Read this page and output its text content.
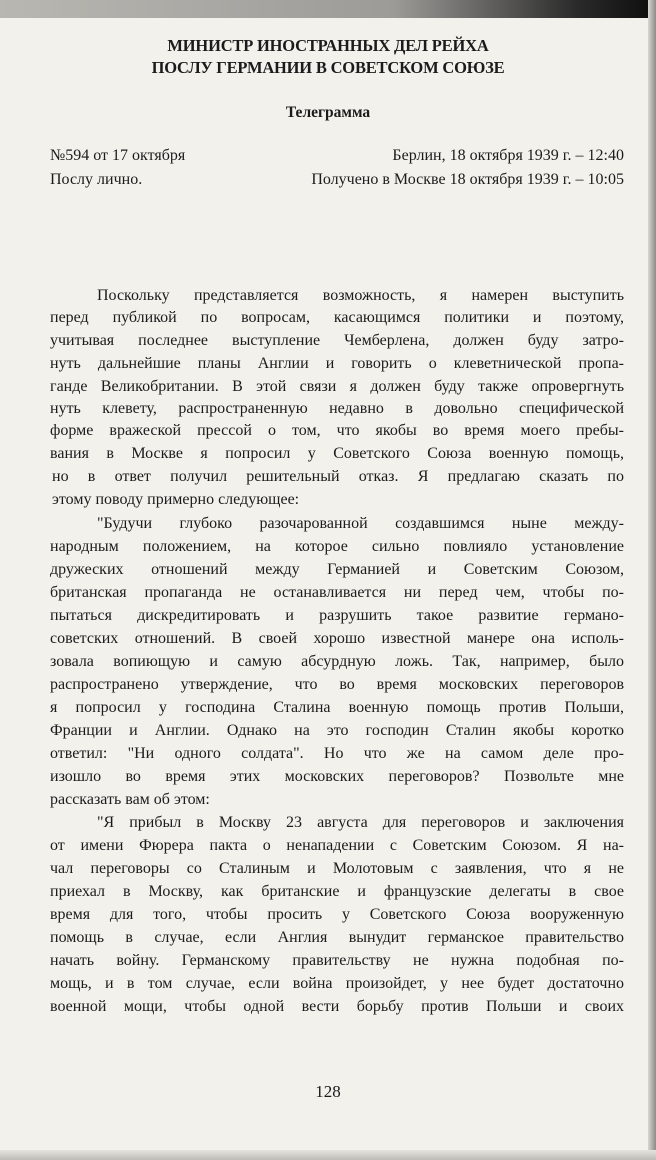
МИНИСТР ИНОСТРАННЫХ ДЕЛ РЕЙХА
ПОСЛУ ГЕРМАНИИ В СОВЕТСКОМ СОЮЗЕ
Телеграмма
№594 от 17 октября	Берлин, 18 октября 1939 г. – 12:40
Послу лично.	Получено в Москве 18 октября 1939 г. – 10:05
Поскольку представляется возможность, я намерен выступить
перед публикой по вопросам, касающимся политики и поэтому,
учитывая последнее выступление Чемберлена, должен буду затро-
нуть дальнейшие планы Англии и говорить о клеветнической пропа-
ганде Великобритании. В этой связи я должен буду также опровергнуть
нуть клевету, распространенную недавно в довольно специфической
форме вражеской прессой о том, что якобы во время моего пребы-
вания в Москве я попросил у Советского Союза военную помощь,
но в ответ получил решительный отказ. Я предлагаю сказать по
этому поводу примерно следующее:
"Будучи глубоко разочарованной создавшимся ныне между-
народным положением, на которое сильно повлияло установление
дружеских отношений между Германией и Советским Союзом,
британская пропаганда не останавливается ни перед чем, чтобы по-
пытаться дискредитировать и разрушить такое развитие германо-
советских отношений. В своей хорошо известной манере она исполь-
зовала вопиющую и самую абсурдную ложь. Так, например, было
распространено утверждение, что во время московских переговоров
я попросил у господина Сталина военную помощь против Польши,
Франции и Англии. Однако на это господин Сталин якобы коротко
ответил: "Ни одного солдата". Но что же на самом деле про-
изошло во время этих московских переговоров? Позвольте мне
рассказать вам об этом:
"Я прибыл в Москву 23 августа для переговоров и заключения
от имени Фюрера пакта о ненападении с Советским Союзом. Я на-
чал переговоры со Сталиным и Молотовым с заявления, что я не
приехал в Москву, как британские и французские делегаты в свое
время для того, чтобы просить у Советского Союза вооруженную
помощь в случае, если Англия вынудит германское правительство
начать войну. Германскому правительству не нужна подобная по-
мощь, и в том случае, если война произойдет, у нее будет достаточно
военной мощи, чтобы одной вести борьбу против Польши и своих
128
